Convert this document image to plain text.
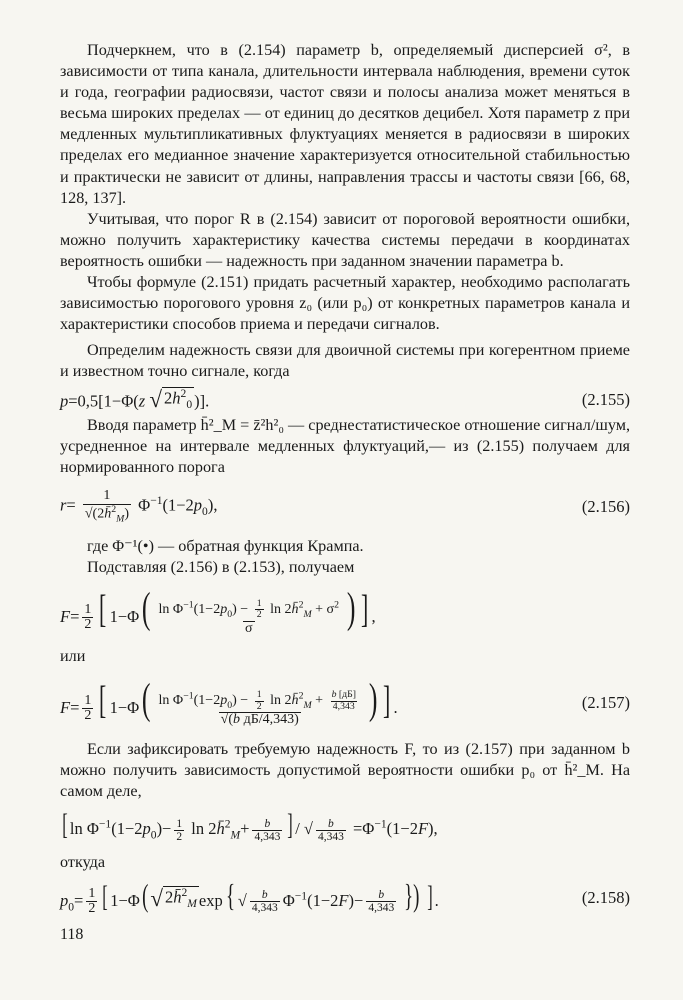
Подчеркнем, что в (2.154) параметр b, определяемый дисперсией σ², в зависимости от типа канала, длительности интервала наблюдения, времени суток и года, географии радиосвязи, частот связи и полосы анализа может меняться в весьма широких пределах — от единиц до десятков децибел. Хотя параметр z при медленных мультипликативных флуктуациях меняется в радиосвязи в широких пределах его медианное значение характеризуется относительной стабильностью и практически не зависит от длины, направления трассы и частоты связи [66, 68, 128, 137].

Учитывая, что порог R в (2.154) зависит от пороговой вероятности ошибки, можно получить характеристику качества системы передачи в координатах вероятность ошибки — надежность при заданном значении параметра b.

Чтобы формуле (2.151) придать расчетный характер, необходимо располагать зависимостью порогового уровня z₀ (или p₀) от конкретных параметров канала и характеристики способов приема и передачи сигналов.

Определим надежность связи для двоичной системы при когерентном приеме и известном точно сигнале, когда

p=0,5[1−Φ(z √ $2h^2_0$ )].	(2.155)

Вводя параметр h̄²_M = z̄²h²₀ — среднестатистическое отношение сигнал/шум, усредненное на интервале медленных флуктуаций,— из (2.155) получаем для нормированного порога

$r= \frac{1}{√(2h̄^2_M)} \Phi^{-1}(1-2p_0)$,	(2.156)

где Φ⁻¹(•) — обратная функция Крампа.

Подставляя (2.156) в (2.153), получаем

$F= \frac{1}{2}$ [ $1-\Phi( \frac{\ln \Phi^{-1}(1-2p_0) - \frac{1}{2} \ln 2h̄^2_M + \sigma^2}{\sigma}$ ) ] ,

или

$F= \frac{1}{2}$ [ $1-\Phi( \frac{\ln \Phi^{-1}(1-2p_0) - \frac{1}{2} \ln 2h̄^2_M + \frac{b [дБ]}{4,343}}{\text{√(b дБ/4,343)}}$ ) ] .	(2.157)

Если зафиксировать требуемую надежность F, то из (2.157) при заданном b можно получить зависимость допустимой вероятности ошибки p₀ от h̄²_M. На самом деле,

[ $\ln \Phi^{-1}(1-2p_0)- \frac{1}{2}$ ln 2h̄$^2_M$+ $\frac{b}{4,343}$ ] / √ $\frac{b}{4,343} =\Phi^{-1}(1-2F)$,

откуда

$p_0= \frac{1}{2}$ [ 1−Φ( √ 2h̄$^2_M$ exp{ √ $\frac{b}{4,343} \Phi^{-1}(1-2F)- \frac{b}{4,343}$ }) ] .	(2.158)
118
